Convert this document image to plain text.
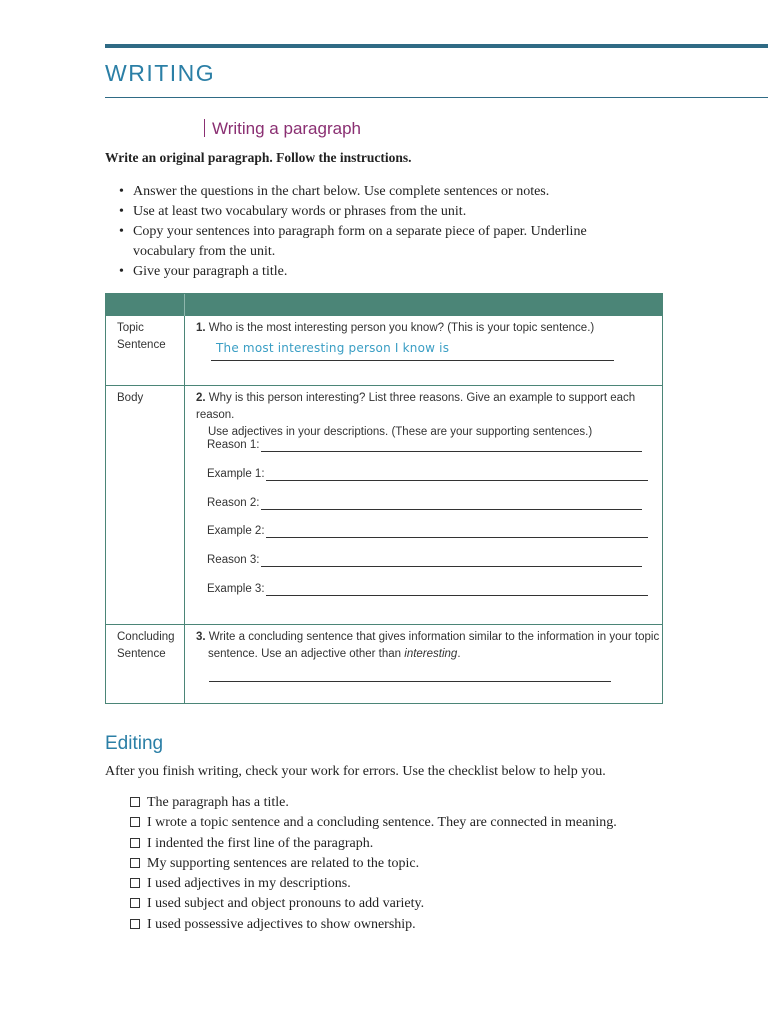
WRITING
Writing a paragraph
Write an original paragraph. Follow the instructions.
• Answer the questions in the chart below. Use complete sentences or notes.
• Use at least two vocabulary words or phrases from the unit.
• Copy your sentences into paragraph form on a separate piece of paper. Underline vocabulary from the unit.
• Give your paragraph a title.
Topic
Sentence
1. Who is the most interesting person you know? (This is your topic sentence.)
The most interesting person I know is
Body	2. Why is this person interesting? List three reasons. Give an example to support each reason.
Use adjectives in your descriptions. (These are your supporting sentences.)
Reason 1:
Example 1:
Reason 2:
Example 2:
Reason 3:
Example 3:
Concluding
Sentence
3. Write a concluding sentence that gives information similar to the information in your topic
sentence. Use an adjective other than interesting.
Editing
After you finish writing, check your work for errors. Use the checklist below to help you.
The paragraph has a title.
I wrote a topic sentence and a concluding sentence. They are connected in meaning.
I indented the first line of the paragraph.
My supporting sentences are related to the topic.
I used adjectives in my descriptions.
I used subject and object pronouns to add variety.
I used possessive adjectives to show ownership.
